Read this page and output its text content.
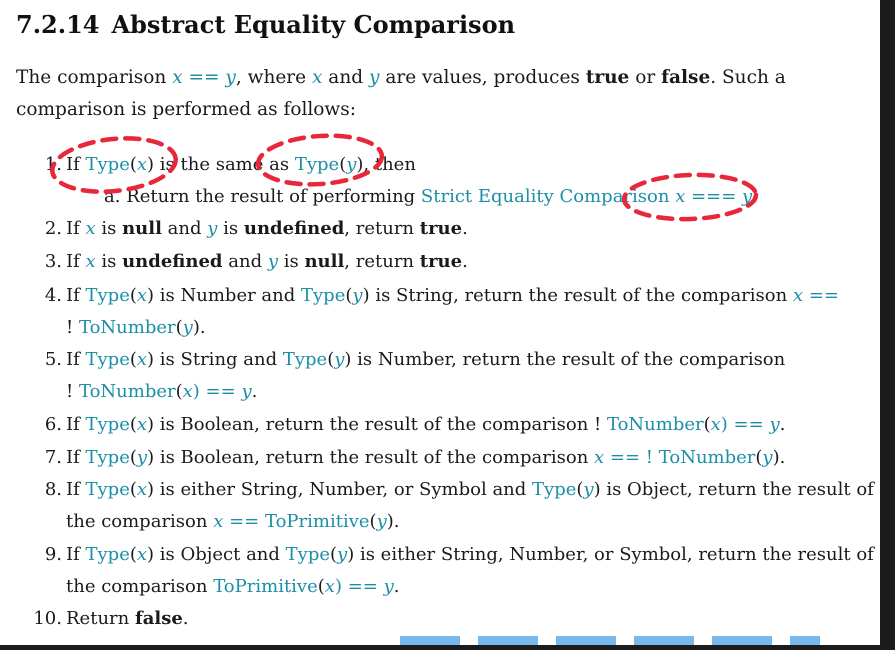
7.2.14 Abstract Equality Comparison
The comparison x == y, where x and y are values, produces true or false. Such a comparison is performed as follows:
1. If Type(x) is the same as Type(y), then
a. Return the result of performing Strict Equality Comparison x === y.
2. If x is null and y is undefined, return true.
3. If x is undefined and y is null, return true.
4. If Type(x) is Number and Type(y) is String, return the result of the comparison x ==
! ToNumber(y).
5. If Type(x) is String and Type(y) is Number, return the result of the comparison
! ToNumber(x) == y.
6. If Type(x) is Boolean, return the result of the comparison ! ToNumber(x) == y.
7. If Type(y) is Boolean, return the result of the comparison x == ! ToNumber(y).
8. If Type(x) is either String, Number, or Symbol and Type(y) is Object, return the result of
the comparison x == ToPrimitive(y).
9. If Type(x) is Object and Type(y) is either String, Number, or Symbol, return the result of
the comparison ToPrimitive(x) == y.
10. Return false.
